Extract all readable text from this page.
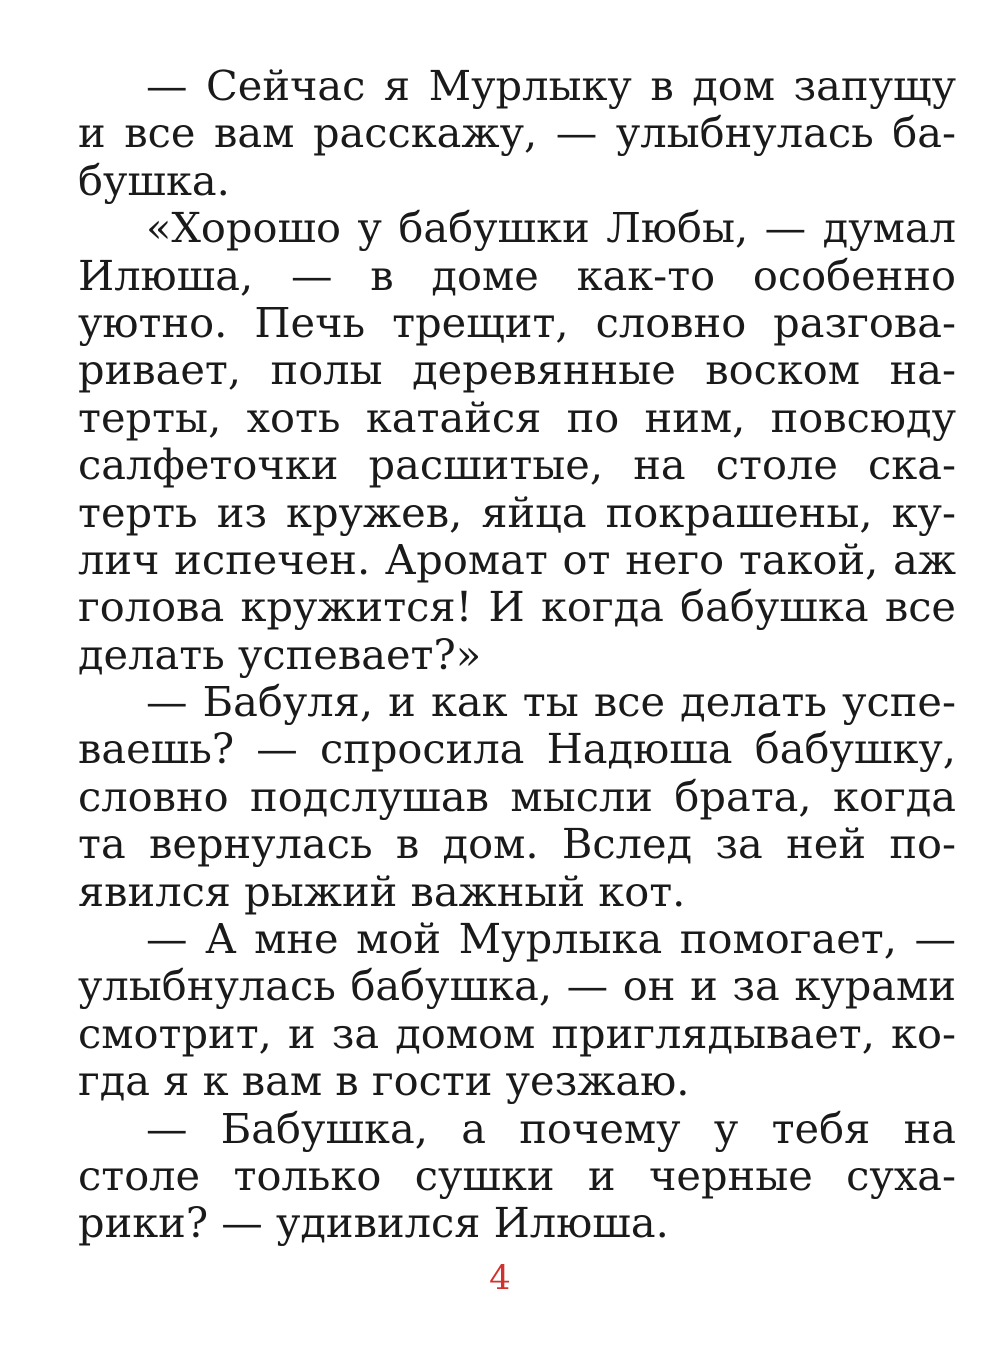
— Сейчас я Мурлыку в дом запущу
и все вам расскажу, — улыбнулась ба-
бушка.
«Хорошо у бабушки Любы, — думал
Илюша, — в доме как-то особенно
уютно. Печь трещит, словно разгова-
ривает, полы деревянные воском на-
терты, хоть катайся по ним, повсюду
салфеточки расшитые, на столе ска-
терть из кружев, яйца покрашены, ку-
лич испечен. Аромат от него такой, аж
голова кружится! И когда бабушка все
делать успевает?»
— Бабуля, и как ты все делать успе-
ваешь? — спросила Надюша бабушку,
словно подслушав мысли брата, когда
та вернулась в дом. Вслед за ней по-
явился рыжий важный кот.
— А мне мой Мурлыка помогает, —
улыбнулась бабушка, — он и за курами
смотрит, и за домом приглядывает, ко-
гда я к вам в гости уезжаю.
— Бабушка, а почему у тебя на
столе только сушки и черные суха-
рики? — удивился Илюша.
4
